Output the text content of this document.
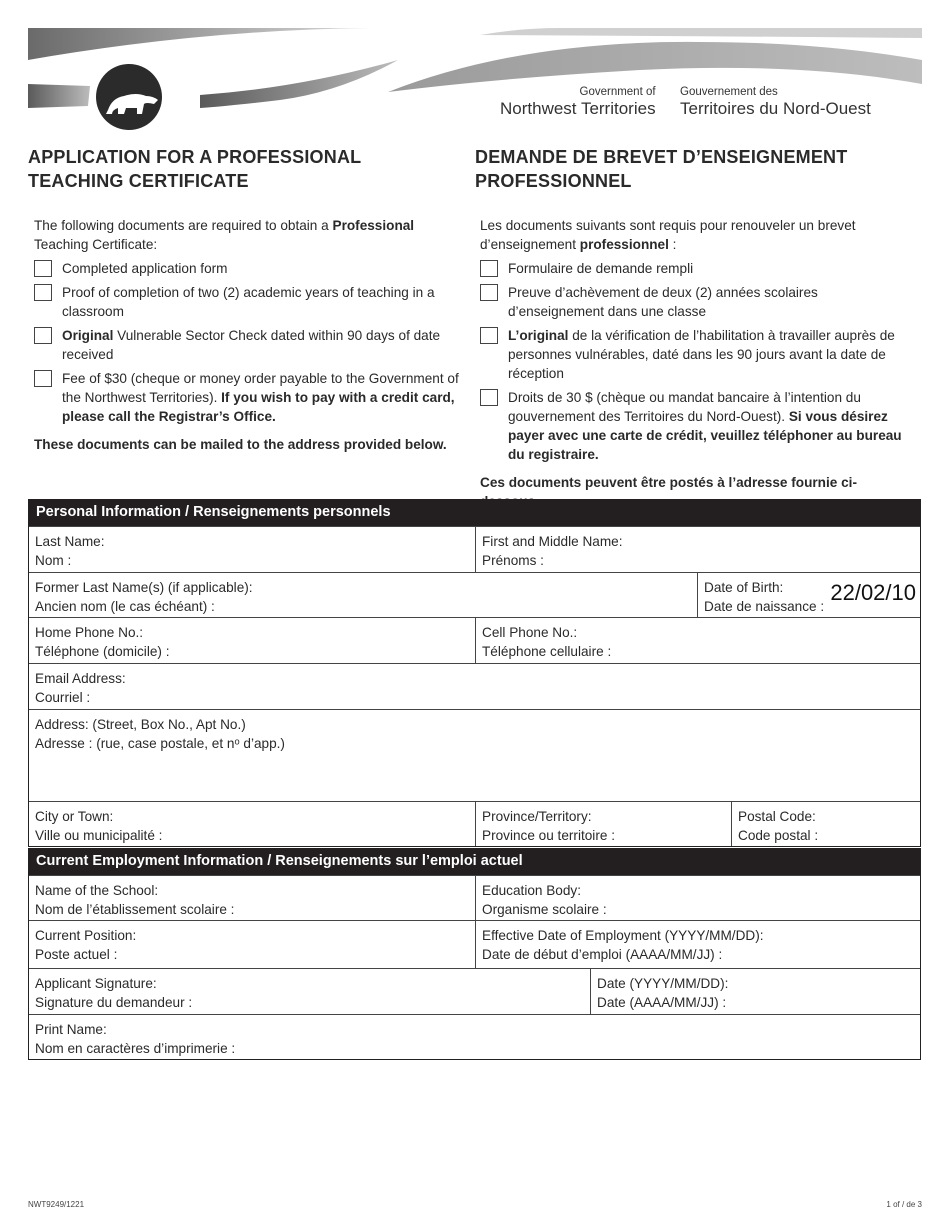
Government of
Northwest Territories
Gouvernement des
Territoires du Nord-Ouest
APPLICATION FOR A PROFESSIONAL TEACHING CERTIFICATE
DEMANDE DE BREVET D’ENSEIGNEMENT PROFESSIONNEL

The following documents are required to obtain a Professional Teaching Certificate:

Completed application form
Proof of completion of two (2) academic years of teaching in a classroom
Original Vulnerable Sector Check dated within 90 days of date received
Fee of $30 (cheque or money order payable to the Government of the Northwest Territories). If you wish to pay with a credit card, please call the Registrar’s Office.

These documents can be mailed to the address provided below.

Les documents suivants sont requis pour renouveler un brevet d’enseignement professionnel :

Formulaire de demande rempli
Preuve d’achèvement de deux (2) années scolaires d’enseignement dans une classe
L’original de la vérification de l’habilitation à travailler auprès de personnes vulnérables, daté dans les 90 jours avant la date de réception
Droits de 30 $ (chèque ou mandat bancaire à l’intention du gouvernement des Territoires du Nord-Ouest). Si vous désirez payer avec une carte de crédit, veuillez téléphoner au bureau du registraire.

Ces documents peuvent être postés à l’adresse fournie ci-

Personal Information / Renseignements personnels
Last Name:
Nom :
First and Middle Name:
Prénoms :
Former Last Name(s) (if applicable):
Ancien nom (le cas échéant) :
Date of Birth:
Date de naissance :
22/02/10
Home Phone No.:
Téléphone (domicile) :
Cell Phone No.:
Téléphone cellulaire :
Email Address:
Courriel :
Address: (Street, Box No., Apt No.)
Adresse : (rue, case postale, et nᵒ d’app.)
City or Town:
Ville ou municipalité :
Province/Territory:
Province ou territoire :
Postal Code:
Code postal :
Current Employment Information / Renseignements sur l’emploi actuel
Name of the School:
Nom de l’établissement scolaire :
Education Body:
Organisme scolaire :
Current Position:
Poste actuel :
Effective Date of Employment (YYYY/MM/DD):
Date de début d’emploi (AAAA/MM/JJ) :
Applicant Signature:
Signature du demandeur :
Date (YYYY/MM/DD):
Date (AAAA/MM/JJ) :
Print Name:
Nom en caractères d’imprimerie :
NWT9249/1221	1 of / de 3
